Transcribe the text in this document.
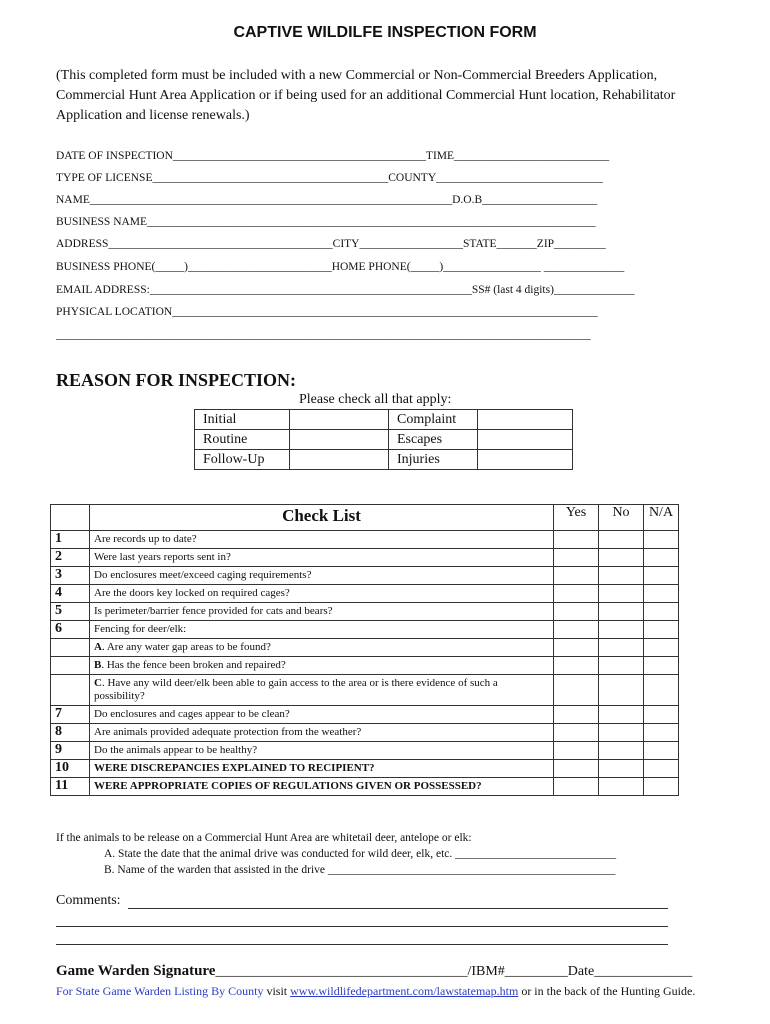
CAPTIVE WILDILFE INSPECTION FORM
(This completed form must be included with a new Commercial or Non-Commercial Breeders Application, Commercial Hunt Area Application or if being used for an additional Commercial Hunt location, Rehabilitator Application and license renewals.)
DATE OF INSPECTION____________________________________________TIME___________________________
TYPE OF LICENSE_________________________________________COUNTY_____________________________
NAME_______________________________________________________________D.O.B____________________
BUSINESS NAME______________________________________________________________________________
ADDRESS_______________________________________CITY__________________STATE_______ZIP_________
BUSINESS PHONE(_____)_________________________HOME PHONE(_____)_________________ ______________
EMAIL ADDRESS:________________________________________________________SS# (last 4 digits)______________
PHYSICAL LOCATION__________________________________________________________________________
_____________________________________________________________________________________________
REASON FOR INSPECTION:
Please check all that apply:
Initial		Complaint	
Routine		Escapes	
Follow-Up		Injuries	
	Check List	Yes	No	N/A
1	Are records up to date?			
2	Were last years reports sent in?			
3	Do enclosures meet/exceed caging requirements?			
4	Are the doors key locked on required cages?			
5	Is perimeter/barrier fence provided for cats and bears?			
6	Fencing for deer/elk:			
	A. Are any water gap areas to be found?			
	B. Has the fence been broken and repaired?			
	C. Have any wild deer/elk been able to gain access to the area or is there evidence of such a possibility?			
7	Do enclosures and cages appear to be clean?			
8	Are animals provided adequate protection from the weather?			
9	Do the animals appear to be healthy?			
10	WERE DISCREPANCIES EXPLAINED TO RECIPIENT?			
11	WERE APPROPRIATE COPIES OF REGULATIONS GIVEN OR POSSESSED?			
If the animals to be release on a Commercial Hunt Area are whitetail deer, antelope or elk:
A. State the date that the animal drive was conducted for wild deer, elk, etc. ____________________________
B. Name of the warden that assisted in the drive __________________________________________________
Comments:
Game Warden Signature____________________________________/IBM#_________Date______________
For State Game Warden Listing By County visit www.wildlifedepartment.com/lawstatemap.htm or in the back of the Hunting Guide.
